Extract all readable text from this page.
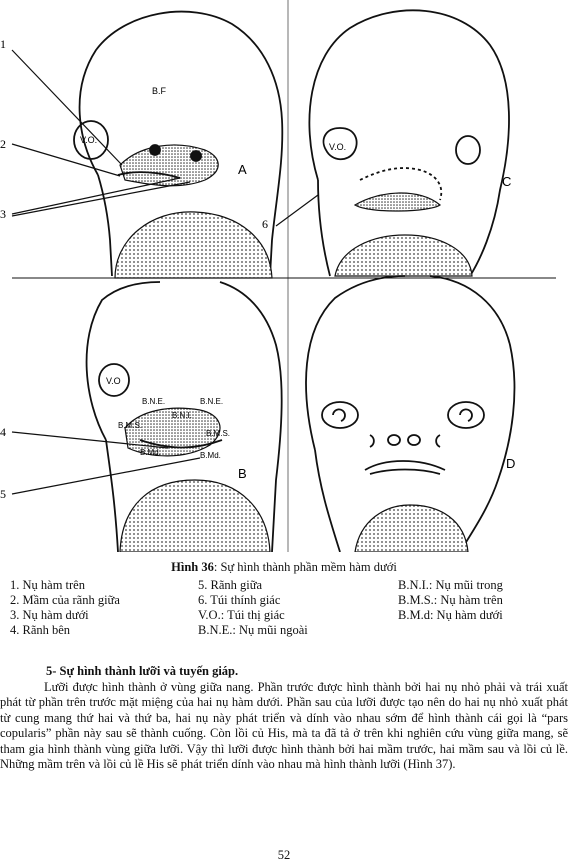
1
2
3
B.F
V.O.
A
6
V.O.
C
4
5
V.O
B.N.E.	B.N.E.
B.N.I.
B.M.S.
B.M.S.
B.Md.	B.Md.
B
D
Hình 36: Sự hình thành phần mềm hàm dưới
1. Nụ hàm trên	5. Rãnh giữa	B.N.I.: Nụ mũi trong
2. Mầm của rãnh giữa	6. Túi thính giác	B.M.S.: Nụ hàm trên
3. Nụ hàm dưới	V.O.: Túi thị giác	B.M.d: Nụ hàm dưới
4. Rãnh bên	B.N.E.: Nụ mũi ngoài
5- Sự hình thành lưỡi và tuyến giáp.

Lưỡi được hình thành ở vùng giữa nang. Phần trước được hình thành bởi hai nụ nhỏ phải và trái xuất phát từ phần trên trước mặt miệng của hai nụ hàm dưới. Phần sau của lưỡi được tạo nên do hai nụ nhỏ xuất phát từ cung mang thứ hai và thứ ba, hai nụ này phát triển và dính vào nhau sớm để hình thành cái gọi là “pars copularis” phần này sau sẽ thành cuống. Còn lồi củ His, mà ta đã tả ở trên khi nghiên cứu vùng giữa mang, sẽ tham gia hình thành vùng giữa lưỡi. Vậy thì lưỡi được hình thành bởi hai mầm trước, hai mầm sau và lồi củ lề. Những mầm trên và lồi củ lề His sẽ phát triển dính vào nhau mà hình thành lưỡi (Hình 37).

52
